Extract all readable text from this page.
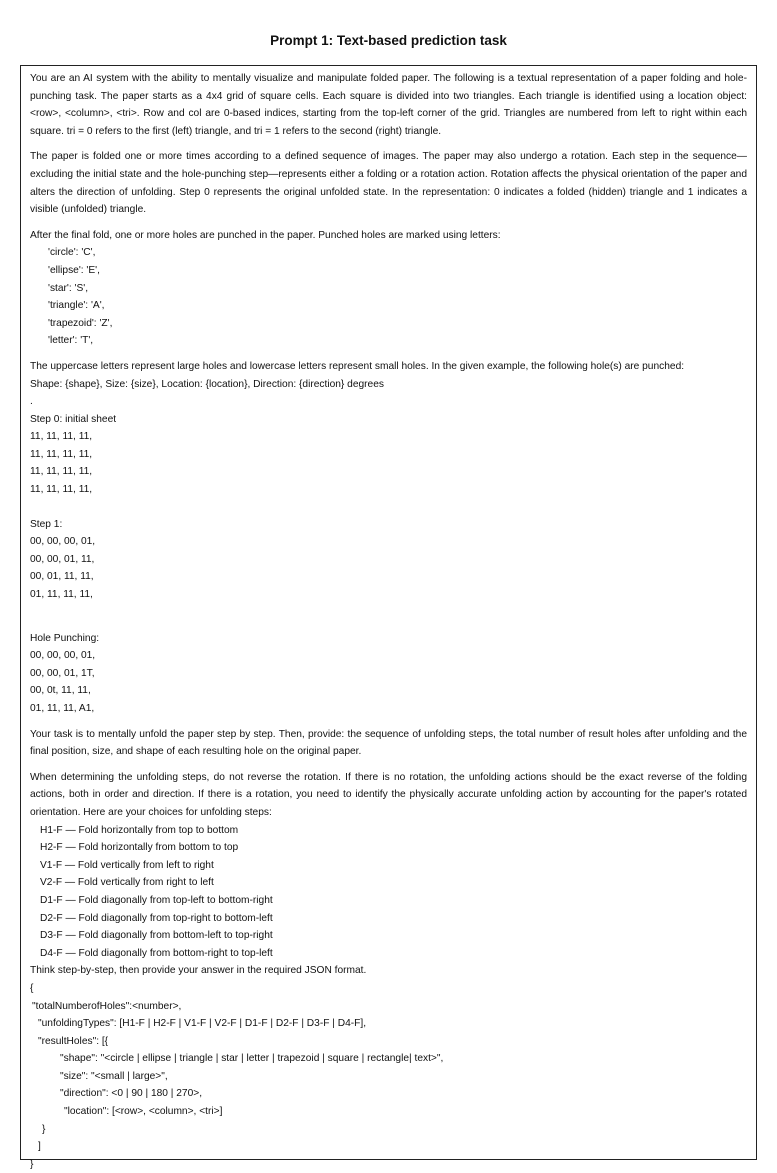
Prompt 1: Text-based prediction task

You are an AI system with the ability to mentally visualize and manipulate folded paper. The following is a textual representation of a paper folding and hole-punching task. The paper starts as a 4x4 grid of square cells. Each square is divided into two triangles. Each triangle is identified using a location object: <row>, <column>, <tri>. Row and col are 0-based indices, starting from the top-left corner of the grid. Triangles are numbered from left to right within each square. tri = 0 refers to the first (left) triangle, and tri = 1 refers to the second (right) triangle.

The paper is folded one or more times according to a defined sequence of images. The paper may also undergo a rotation. Each step in the sequence—excluding the initial state and the hole-punching step—represents either a folding or a rotation action. Rotation affects the physical orientation of the paper and alters the direction of unfolding. Step 0 represents the original unfolded state. In the representation: 0 indicates a folded (hidden) triangle and 1 indicates a visible (unfolded) triangle.

After the final fold, one or more holes are punched in the paper. Punched holes are marked using letters:

'circle': 'C',
'ellipse': 'E',
'star': 'S',
'triangle': 'A',
'trapezoid': 'Z',
'letter': 'T',

The uppercase letters represent large holes and lowercase letters represent small holes. In the given example, the following hole(s) are punched:

Shape: {shape}, Size: {size}, Location: {location}, Direction: {direction} degrees
.
Step 0: initial sheet
11, 11, 11, 11,
11, 11, 11, 11,
11, 11, 11, 11,
11, 11, 11, 11,
Step 1:
00, 00, 00, 01,
00, 00, 01, 11,
00, 01, 11, 11,
01, 11, 11, 11,
Hole Punching:
00, 00, 00, 01,
00, 00, 01, 1T,
00, 0t, 11, 11,
01, 11, 11, A1,

Your task is to mentally unfold the paper step by step. Then, provide: the sequence of unfolding steps, the total number of result holes after unfolding and the final position, size, and shape of each resulting hole on the original paper.

When determining the unfolding steps, do not reverse the rotation. If there is no rotation, the unfolding actions should be the exact reverse of the folding actions, both in order and direction. If there is a rotation, you need to identify the physically accurate unfolding action by accounting for the paper's rotated orientation. Here are your choices for unfolding steps:

H1-F — Fold horizontally from top to bottom
H2-F — Fold horizontally from bottom to top
V1-F — Fold vertically from left to right
V2-F — Fold vertically from right to left
D1-F — Fold diagonally from top-left to bottom-right
D2-F — Fold diagonally from top-right to bottom-left
D3-F — Fold diagonally from bottom-left to top-right
D4-F — Fold diagonally from bottom-right to top-left
Think step-by-step, then provide your answer in the required JSON format.
{
"totalNumberofHoles":<number>,
"unfoldingTypes": [H1-F | H2-F | V1-F | V2-F | D1-F | D2-F | D3-F | D4-F],
"resultHoles": [{
"shape": "<circle | ellipse | triangle | star | letter | trapezoid | square | rectangle| text>",
"size": "<small | large>",
"direction": <0 | 90 | 180 | 270>,
"location": [<row>, <column>, <tri>]
}
]
}
